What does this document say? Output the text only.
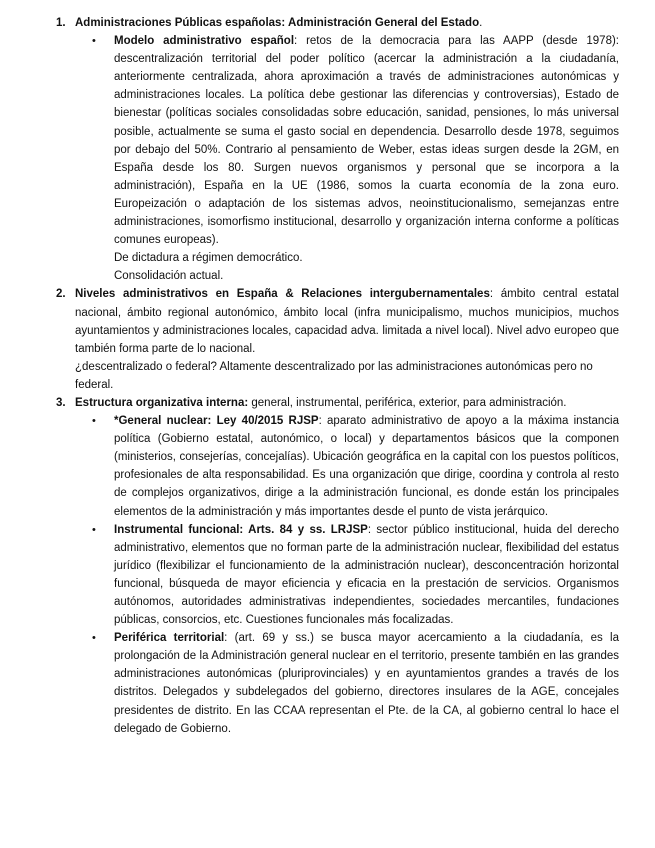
1. Administraciones Públicas españolas: Administración General del Estado.
• Modelo administrativo español: retos de la democracia para las AAPP (desde 1978): descentralización territorial del poder político (acercar la administración a la ciudadanía, anteriormente centralizada, ahora aproximación a través de administraciones autonómicas y administraciones locales. La política debe gestionar las diferencias y controversias), Estado de bienestar (políticas sociales consolidadas sobre educación, sanidad, pensiones, lo más universal posible, actualmente se suma el gasto social en dependencia. Desarrollo desde 1978, seguimos por debajo del 50%. Contrario al pensamiento de Weber, estas ideas surgen desde la 2GM, en España desde los 80. Surgen nuevos organismos y personal que se incorpora a la administración), España en la UE (1986, somos la cuarta economía de la zona euro. Europeización o adaptación de los sistemas advos, neoinstitucionalismo, semejanzas entre administraciones, isomorfismo institucional, desarrollo y organización interna conforme a políticas comunes europeas).
De dictadura a régimen democrático.
Consolidación actual.
2. Niveles administrativos en España & Relaciones intergubernamentales: ámbito central estatal nacional, ámbito regional autonómico, ámbito local (infra municipalismo, muchos municipios, muchos ayuntamientos y administraciones locales, capacidad adva. limitada a nivel local). Nivel advo europeo que también forma parte de lo nacional.
¿descentralizado o federal? Altamente descentralizado por las administraciones autonómicas pero no federal.
3. Estructura organizativa interna: general, instrumental, periférica, exterior, para administración.
• *General nuclear: Ley 40/2015 RJSP: aparato administrativo de apoyo a la máxima instancia política (Gobierno estatal, autonómico, o local) y departamentos básicos que la componen (ministerios, consejerías, concejalías). Ubicación geográfica en la capital con los puestos políticos, profesionales de alta responsabilidad. Es una organización que dirige, coordina y controla al resto de complejos organizativos, dirige a la administración funcional, es donde están los principales elementos de la administración y más importantes desde el punto de vista jerárquico.
• Instrumental funcional: Arts. 84 y ss. LRJSP: sector público institucional, huida del derecho administrativo, elementos que no forman parte de la administración nuclear, flexibilidad del estatus jurídico (flexibilizar el funcionamiento de la administración nuclear), desconcentración horizontal funcional, búsqueda de mayor eficiencia y eficacia en la prestación de servicios. Organismos autónomos, autoridades administrativas independientes, sociedades mercantiles, fundaciones públicas, consorcios, etc. Cuestiones funcionales más focalizadas.
• Periférica territorial: (art. 69 y ss.) se busca mayor acercamiento a la ciudadanía, es la prolongación de la Administración general nuclear en el territorio, presente también en las grandes administraciones autonómicas (pluriprovinciales) y en ayuntamientos grandes a través de los distritos. Delegados y subdelegados del gobierno, directores insulares de la AGE, concejales presidentes de distrito. En las CCAA representan el Pte. de la CA, al gobierno central lo hace el delegado de Gobierno.
